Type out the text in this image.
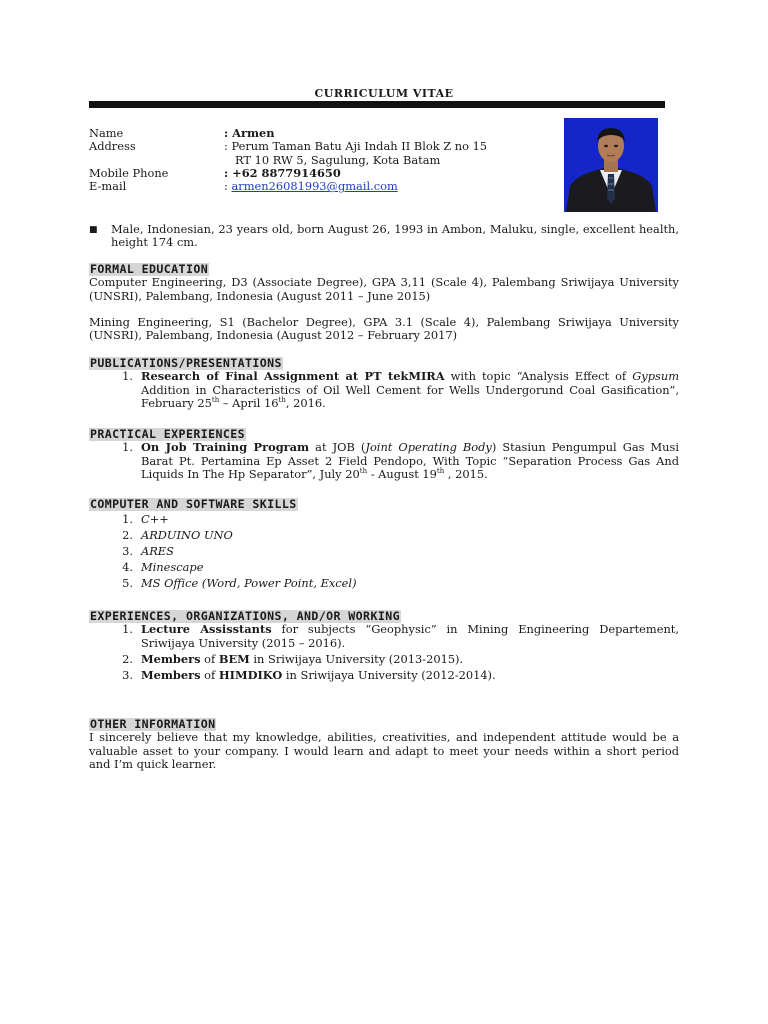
CURRICULUM VITAE
Name	: Armen
Address	: Perum Taman Batu Aji Indah II Blok Z no 15
RT 10 RW 5, Sagulung, Kota Batam
Mobile Phone	: +62 8877914650
E-mail	: armen26081993@gmail.com
■	Male, Indonesian, 23 years old, born August 26, 1993 in Ambon, Maluku, single, excellent health, height 174 cm.
FORMAL EDUCATION
Computer Engineering, D3 (Associate Degree), GPA 3,11 (Scale 4), Palembang Sriwijaya University (UNSRI), Palembang, Indonesia (August 2011 – June 2015)
Mining Engineering, S1 (Bachelor Degree), GPA 3.1 (Scale 4), Palembang Sriwijaya University (UNSRI), Palembang, Indonesia (August 2012 – February 2017)
PUBLICATIONS/PRESENTATIONS
1. Research of Final Assignment at PT tekMIRA with topic “Analysis Effect of Gypsum Addition in Characteristics of Oil Well Cement for Wells Undergorund Coal Gasification”, February 25th – April 16th, 2016.
PRACTICAL EXPERIENCES
1. On Job Training Program at JOB (Joint Operating Body) Stasiun Pengumpul Gas Musi Barat Pt. Pertamina Ep Asset 2 Field Pendopo, With Topic “Separation Process Gas And Liquids In The Hp Separator”, July 20th - August 19th , 2015.
COMPUTER AND SOFTWARE SKILLS
1. C++
2. ARDUINO UNO
3. ARES
4. Minescape
5. MS Office (Word, Power Point, Excel)
EXPERIENCES, ORGANIZATIONS, AND/OR WORKING
1. Lecture Assisstants for subjects “Geophysic” in Mining Engineering Departement, Sriwijaya University (2015 – 2016).
2. Members of BEM in Sriwijaya University (2013-2015).
3. Members of HIMDIKO in Sriwijaya University (2012-2014).
OTHER INFORMATION
I sincerely believe that my knowledge, abilities, creativities, and independent attitude would be a valuable asset to your company. I would learn and adapt to meet your needs within a short period and I’m quick learner.
